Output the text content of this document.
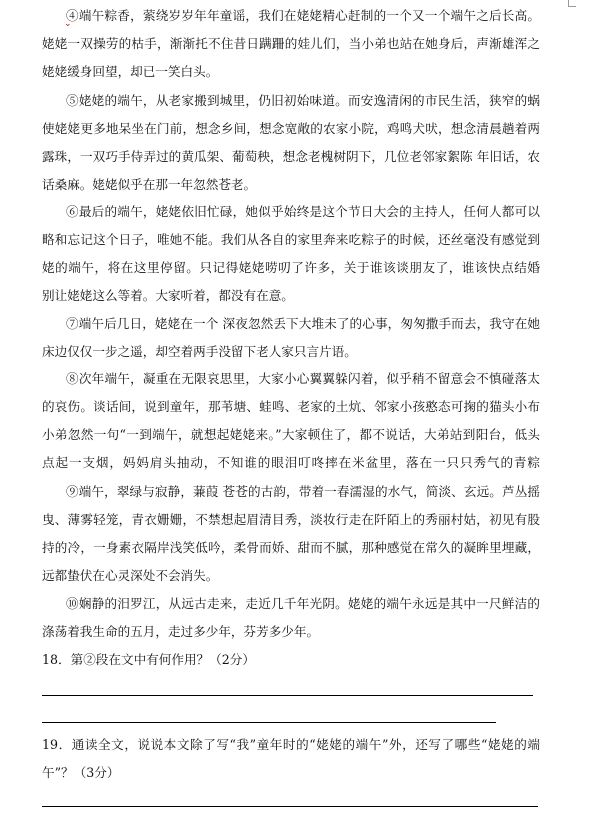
⌄
④端午粽香，萦绕岁岁年年童谣，我们在姥姥精心赶制的一个又一个端午之后长高。
姥姥一双操劳的枯手，渐渐托不住昔日蹒跚的娃儿们，当小弟也站在她身后，声渐雄浑之
姥姥缓身回望，却已一笑白头。
⑤姥姥的端午，从老家搬到城里，仍旧初始味道。而安逸清闲的市民生活，狭窄的蜗
使姥姥更多地呆坐在门前，想念乡间，想念宽敞的农家小院，鸡鸣犬吠，想念清晨趟着两
露珠，一双巧手侍弄过的黄瓜架、葡萄秧，想念老槐树阴下，几位老邻家絮陈 年旧话，农
话桑麻。姥姥似乎在那一年忽然苍老。
⑥最后的端午，姥姥依旧忙碌，她似乎始终是这个节日大会的主持人，任何人都可以
略和忘记这个日子，唯她不能。我们从各自的家里奔来吃粽子的时候，还丝毫没有感觉到
姥的端午，将在这里停留。只记得姥姥唠叨了许多，关于谁该谈朋友了，谁该快点结婚
别让姥姥这么等着。大家听着，都没有在意。
⑦端午后几日，姥姥在一个 深夜忽然丢下大堆未了的心事，匆匆撒手而去，我守在她
床边仅仅一步之遥，却空着两手没留下老人家只言片语。
⑧次年端午，凝重在无限哀思里，大家小心翼翼躲闪着，似乎稍不留意会不慎碰落太
的哀伤。谈话间，说到童年，那苇塘、蛙鸣、老家的土炕、邻家小孩憨态可掬的猫头小布
小弟忽然一句“一到端午，就想起姥姥来。”大家顿住了，都不说话，大弟站到阳台，低头
点起一支烟，妈妈肩头抽动，不知谁的眼泪叮咚摔在米盆里，落在一只只秀气的青粽
⑨端午，翠绿与寂静，蒹葭 苍苍的古韵，带着一春濡湿的水气，简淡、玄远。芦丛摇
曳、薄雾轻笼，青衣姗姗，不禁想起眉清目秀，淡妆行走在阡陌上的秀丽村姑，初见有股
持的冷，一身素衣隔岸浅笑低吟，柔骨而娇、甜而不腻，那种感觉在常久的凝眸里埋藏，
远都蛰伏在心灵深处不会消失。
⑩娴静的汨罗江，从远古走来，走近几千年光阴。姥姥的端午永远是其中一尺鲜洁的
涤荡着我生命的五月，走过多少年，芬芳多少年。
18．第②段在文中有何作用？（2分）
19．通读全文，说说本文除了写“我”童年时的“姥姥的端午”外，还写了哪些“姥姥的端
午”？（3分）
